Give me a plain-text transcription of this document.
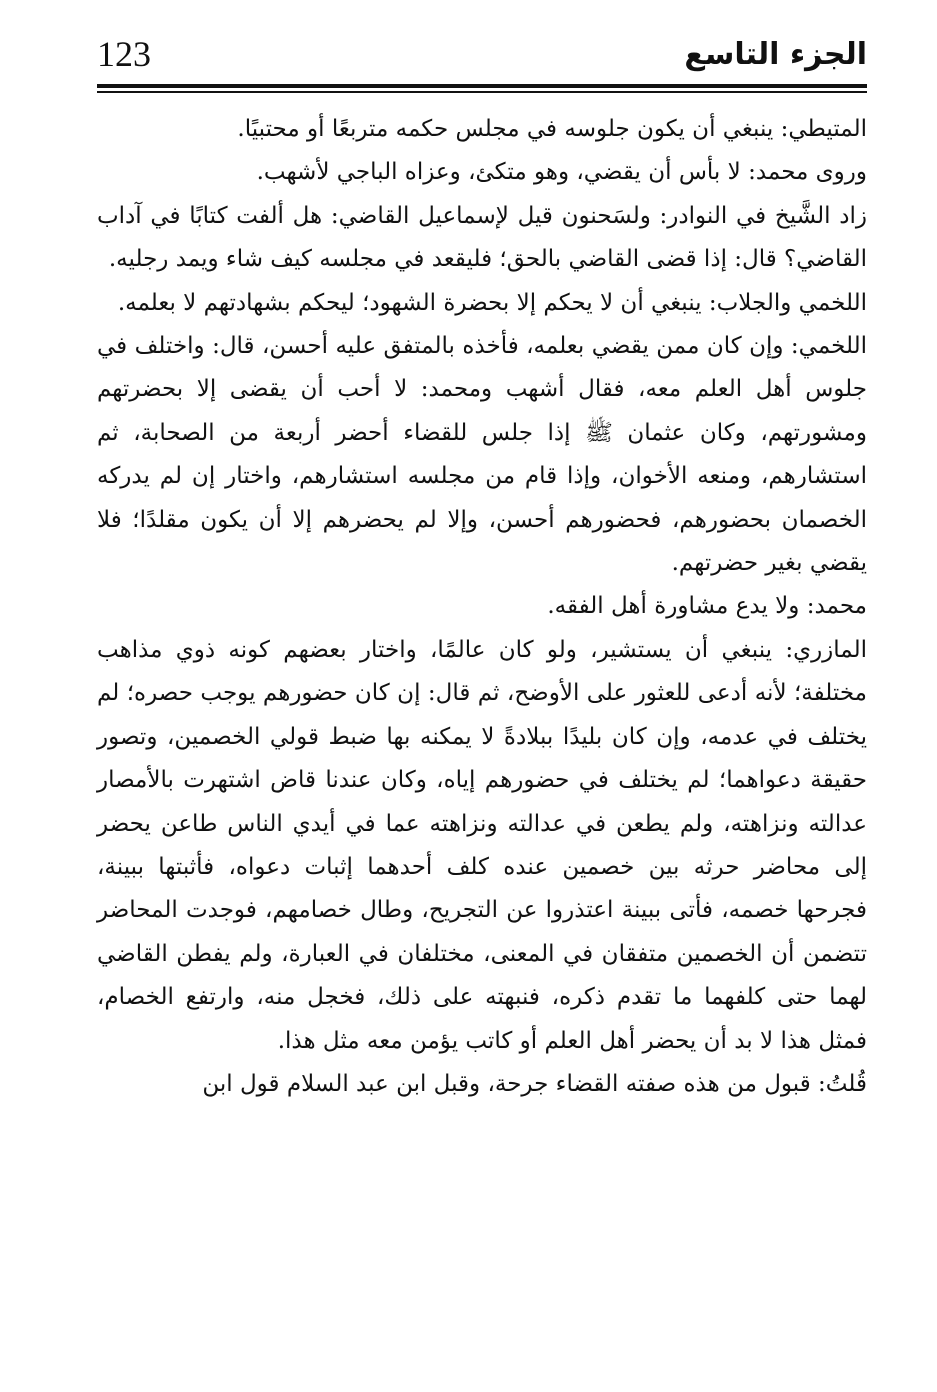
123	الجزء التاسع

المتيطي: ينبغي أن يكون جلوسه في مجلس حكمه متربعًا أو محتبيًا.

وروى محمد: لا بأس أن يقضي، وهو متكئ، وعزاه الباجي لأشهب.

زاد الشَّيخ في النوادر: ولسَحنون قيل لإسماعيل القاضي: هل ألفت كتابًا في آداب القاضي؟ قال: إذا قضى القاضي بالحق؛ فليقعد في مجلسه كيف شاء ويمد رجليه.

اللخمي والجلاب: ينبغي أن لا يحكم إلا بحضرة الشهود؛ ليحكم بشهادتهم لا بعلمه.

اللخمي: وإن كان ممن يقضي بعلمه، فأخذه بالمتفق عليه أحسن، قال: واختلف في جلوس أهل العلم معه، فقال أشهب ومحمد: لا أحب أن يقضى إلا بحضرتهم ومشورتهم، وكان عثمان ﷺ إذا جلس للقضاء أحضر أربعة من الصحابة، ثم استشارهم، ومنعه الأخوان، وإذا قام من مجلسه استشارهم، واختار إن لم يدركه الخصمان بحضورهم، فحضورهم أحسن، وإلا لم يحضرهم إلا أن يكون مقلدًا؛ فلا يقضي بغير حضرتهم.

محمد: ولا يدع مشاورة أهل الفقه.

المازري: ينبغي أن يستشير، ولو كان عالمًا، واختار بعضهم كونه ذوي مذاهب مختلفة؛ لأنه أدعى للعثور على الأوضح، ثم قال: إن كان حضورهم يوجب حصره؛ لم يختلف في عدمه، وإن كان بليدًا ببلادةً لا يمكنه بها ضبط قولي الخصمين، وتصور حقيقة دعواهما؛ لم يختلف في حضورهم إياه، وكان عندنا قاض اشتهرت بالأمصار عدالته ونزاهته، ولم يطعن في عدالته ونزاهته عما في أيدي الناس طاعن يحضر إلى محاضر حرثه بين خصمين عنده كلف أحدهما إثبات دعواه، فأثبتها ببينة، فجرحها خصمه، فأتى ببينة اعتذروا عن التجريح، وطال خصامهم، فوجدت المحاضر تتضمن أن الخصمين متفقان في المعنى، مختلفان في العبارة، ولم يفطن القاضي لهما حتى كلفهما ما تقدم ذكره، فنبهته على ذلك، فخجل منه، وارتفع الخصام، فمثل هذا لا بد أن يحضر أهل العلم أو كاتب يؤمن معه مثل هذا.

قُلتُ: قبول من هذه صفته القضاء جرحة، وقبل ابن عبد السلام قول ابن
